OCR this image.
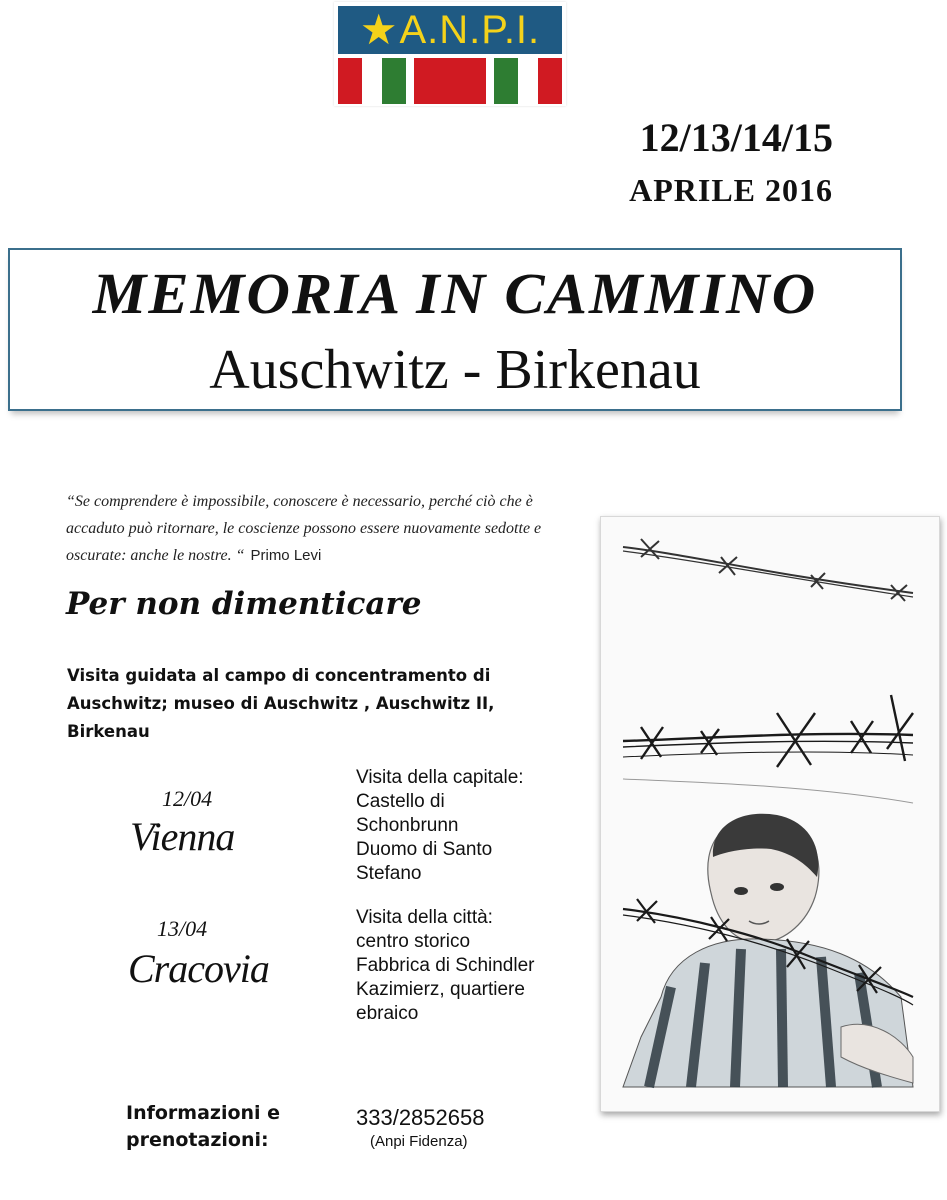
★ A.N.P.I.
12/13/14/15
APRILE 2016
MEMORIA IN CAMMINO
Auschwitz - Birkenau
“Se comprendere è impossibile, conoscere è necessario, perché ciò che è accaduto può ritornare, le coscienze possono essere nuovamente sedotte e oscurate: anche le nostre. “ Primo Levi
Per non dimenticare
Visita guidata al campo di concentramento di Auschwitz; museo di Auschwitz , Auschwitz II, Birkenau
12/04
Vienna
Visita della capitale:
Castello di
Schonbrunn
Duomo di Santo
Stefano
13/04
Cracovia
Visita della città:
centro storico
Fabbrica di Schindler
Kazimierz, quartiere
ebraico
Informazioni e
prenotazioni:
333/2852658
(Anpi Fidenza)
